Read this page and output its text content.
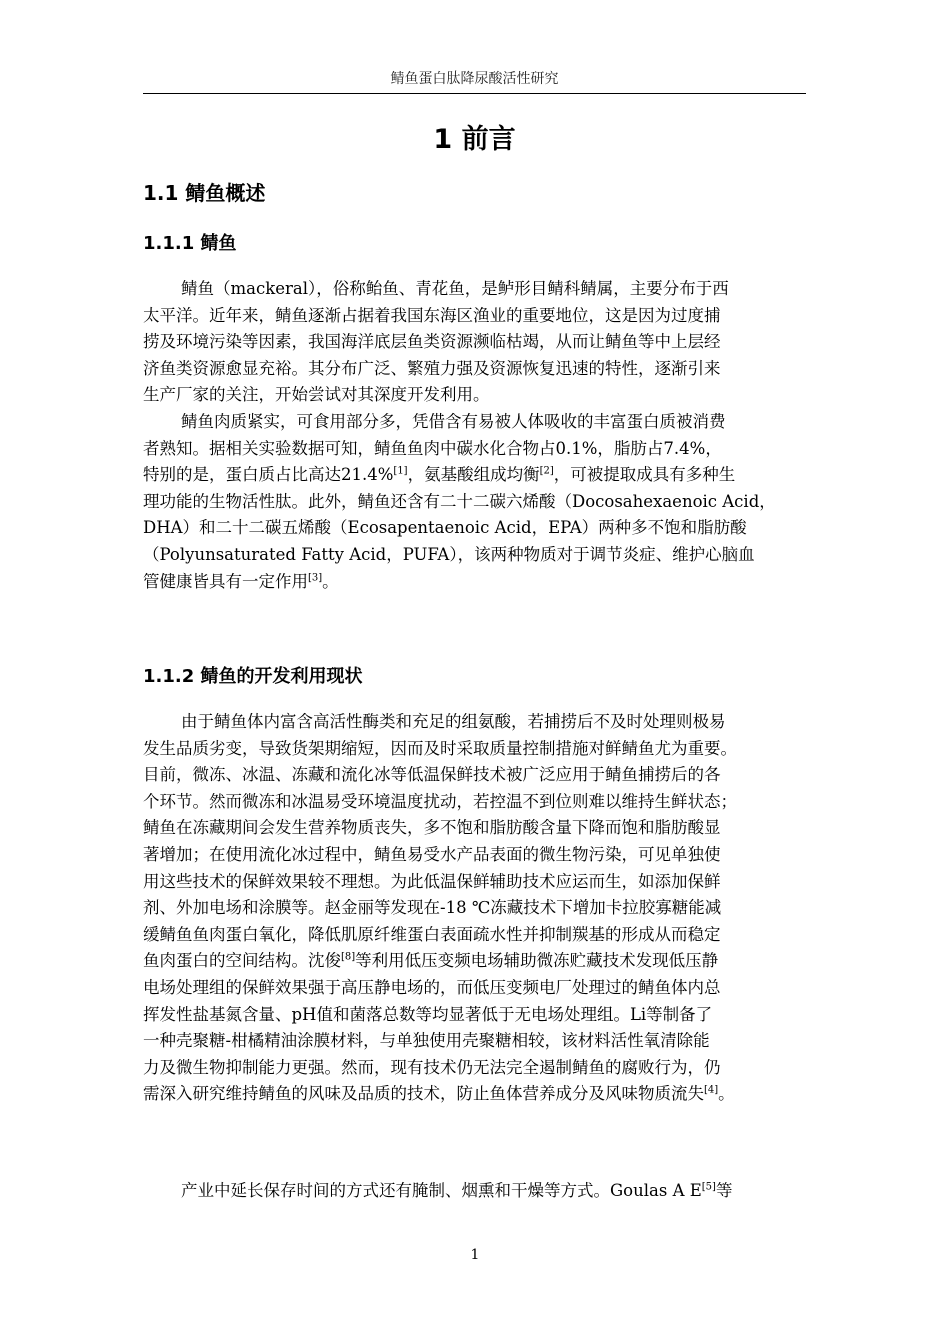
鲭鱼蛋白肽降尿酸活性研究
1 前言
1.1 鲭鱼概述
1.1.1 鲭鱼
鲭鱼（mackeral），俗称鲐鱼、青花鱼，是鲈形目鲭科鲭属，主要分布于西
太平洋。近年来，鲭鱼逐渐占据着我国东海区渔业的重要地位，这是因为过度捕
捞及环境污染等因素，我国海洋底层鱼类资源濒临枯竭，从而让鲭鱼等中上层经
济鱼类资源愈显充裕。其分布广泛、繁殖力强及资源恢复迅速的特性，逐渐引来
生产厂家的关注，开始尝试对其深度开发利用。
鲭鱼肉质紧实，可食用部分多，凭借含有易被人体吸收的丰富蛋白质被消费
者熟知。据相关实验数据可知，鲭鱼鱼肉中碳水化合物占0.1%，脂肪占7.4%，
特别的是，蛋白质占比高达21.4%[1]，氨基酸组成均衡[2]，可被提取成具有多种生
理功能的生物活性肽。此外，鲭鱼还含有二十二碳六烯酸（Docosahexaenoic Acid，
DHA）和二十二碳五烯酸（Ecosapentaenoic Acid，EPA）两种多不饱和脂肪酸
（Polyunsaturated Fatty Acid，PUFA），该两种物质对于调节炎症、维护心脑血
管健康皆具有一定作用[3]。
1.1.2 鲭鱼的开发利用现状
由于鲭鱼体内富含高活性酶类和充足的组氨酸，若捕捞后不及时处理则极易
发生品质劣变，导致货架期缩短，因而及时采取质量控制措施对鲜鲭鱼尤为重要。
目前，微冻、冰温、冻藏和流化冰等低温保鲜技术被广泛应用于鲭鱼捕捞后的各
个环节。然而微冻和冰温易受环境温度扰动，若控温不到位则难以维持生鲜状态；
鲭鱼在冻藏期间会发生营养物质丧失，多不饱和脂肪酸含量下降而饱和脂肪酸显
著增加；在使用流化冰过程中，鲭鱼易受水产品表面的微生物污染，可见单独使
用这些技术的保鲜效果较不理想。为此低温保鲜辅助技术应运而生，如添加保鲜
剂、外加电场和涂膜等。赵金丽等发现在-18 ℃冻藏技术下增加卡拉胶寡糖能减
缓鲭鱼鱼肉蛋白氧化，降低肌原纤维蛋白表面疏水性并抑制羰基的形成从而稳定
鱼肉蛋白的空间结构。沈俊[8]等利用低压变频电场辅助微冻贮藏技术发现低压静
电场处理组的保鲜效果强于高压静电场的，而低压变频电厂处理过的鲭鱼体内总
挥发性盐基氮含量、pH值和菌落总数等均显著低于无电场处理组。Li等制备了
一种壳聚糖-柑橘精油涂膜材料，与单独使用壳聚糖相较，该材料活性氧清除能
力及微生物抑制能力更强。然而，现有技术仍无法完全遏制鲭鱼的腐败行为，仍
需深入研究维持鲭鱼的风味及品质的技术，防止鱼体营养成分及风味物质流失[4]。
产业中延长保存时间的方式还有腌制、烟熏和干燥等方式。Goulas A E[5]等
1
